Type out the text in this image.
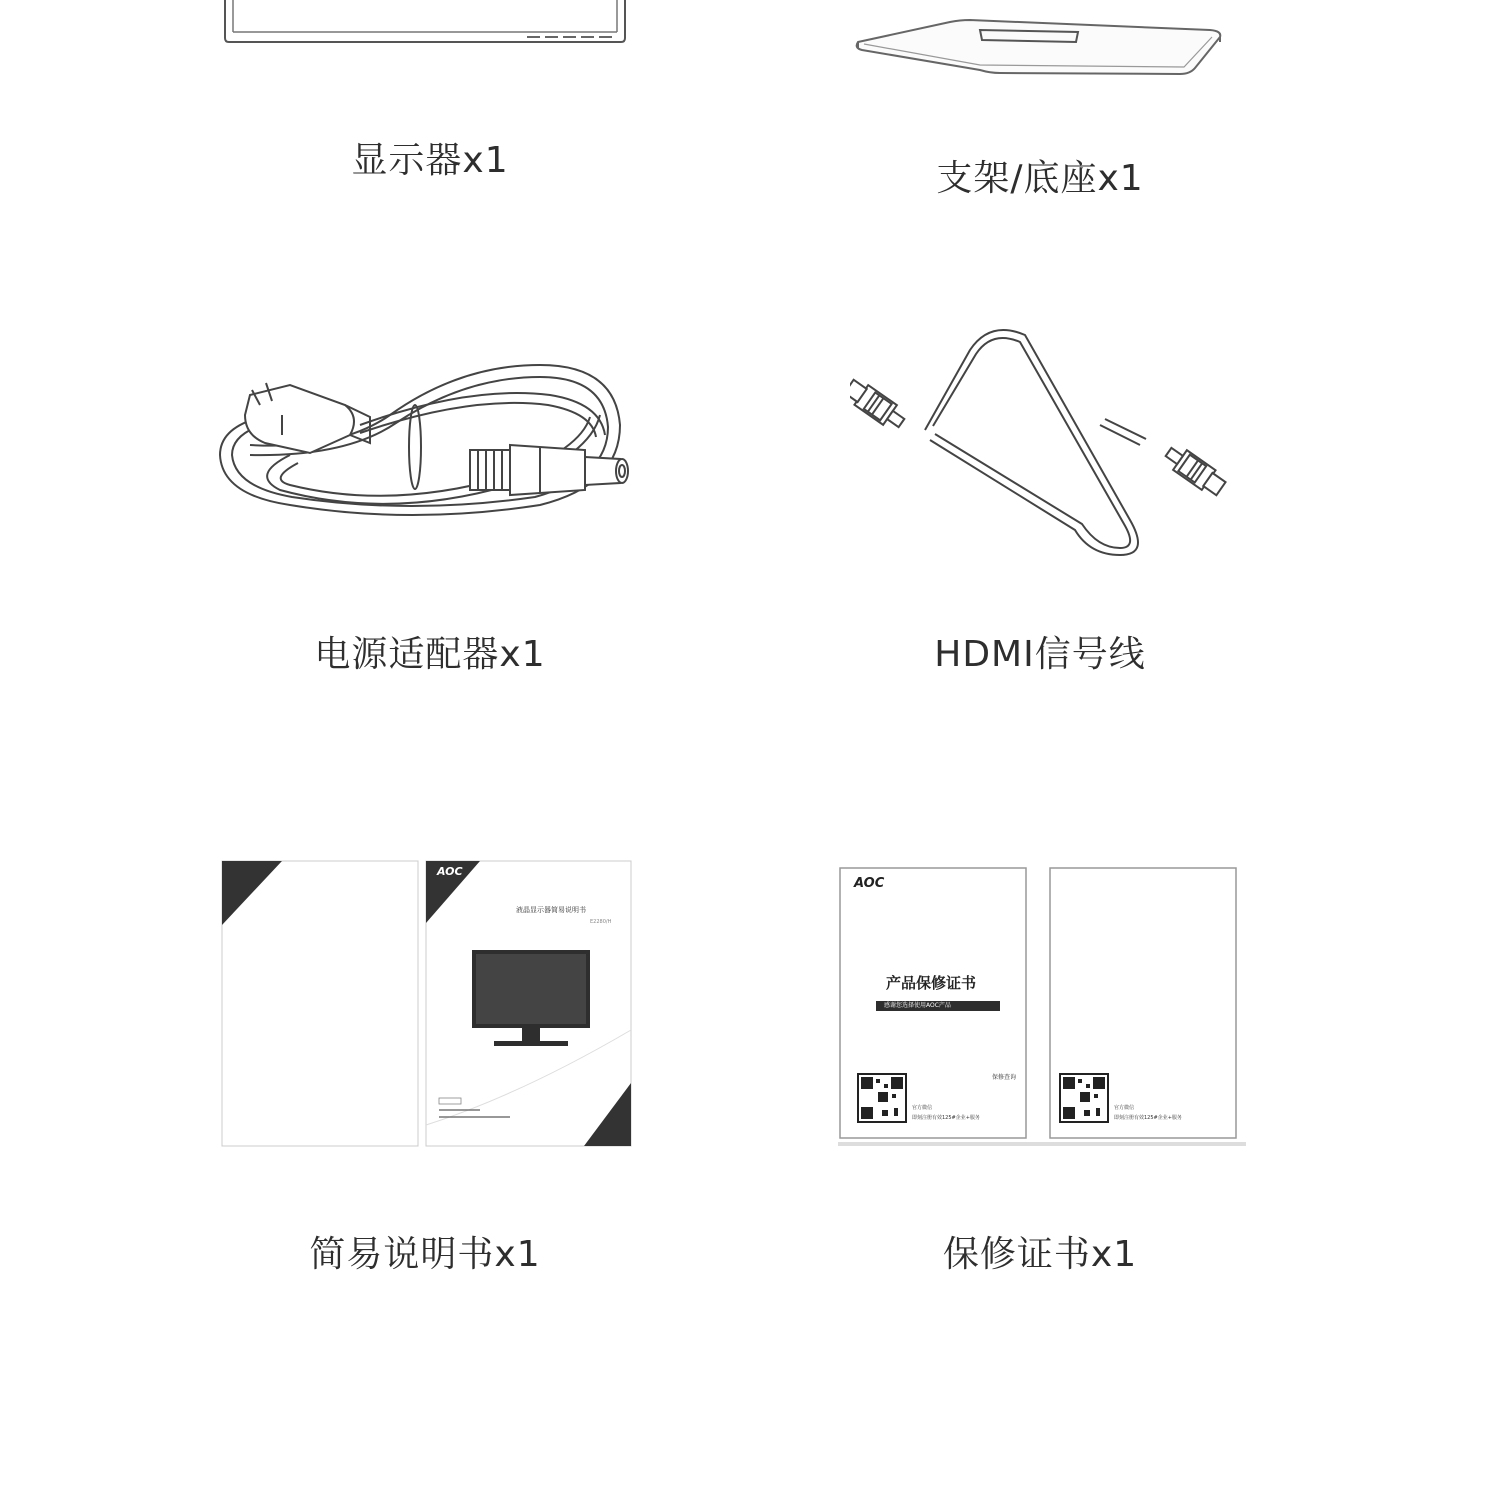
显示器x1	支架/底座x1
电源适配器x1	HDMI信号线
AOC
液晶显示器简易说明书
E2280/H
简易说明书x1
AOC
产品保修证书
感谢您选择使用AOC产品
保修查询
官方微信
即刻注册有效125#企业+服务
官方微信
即刻注册有效125#企业+服务
保修证书x1
